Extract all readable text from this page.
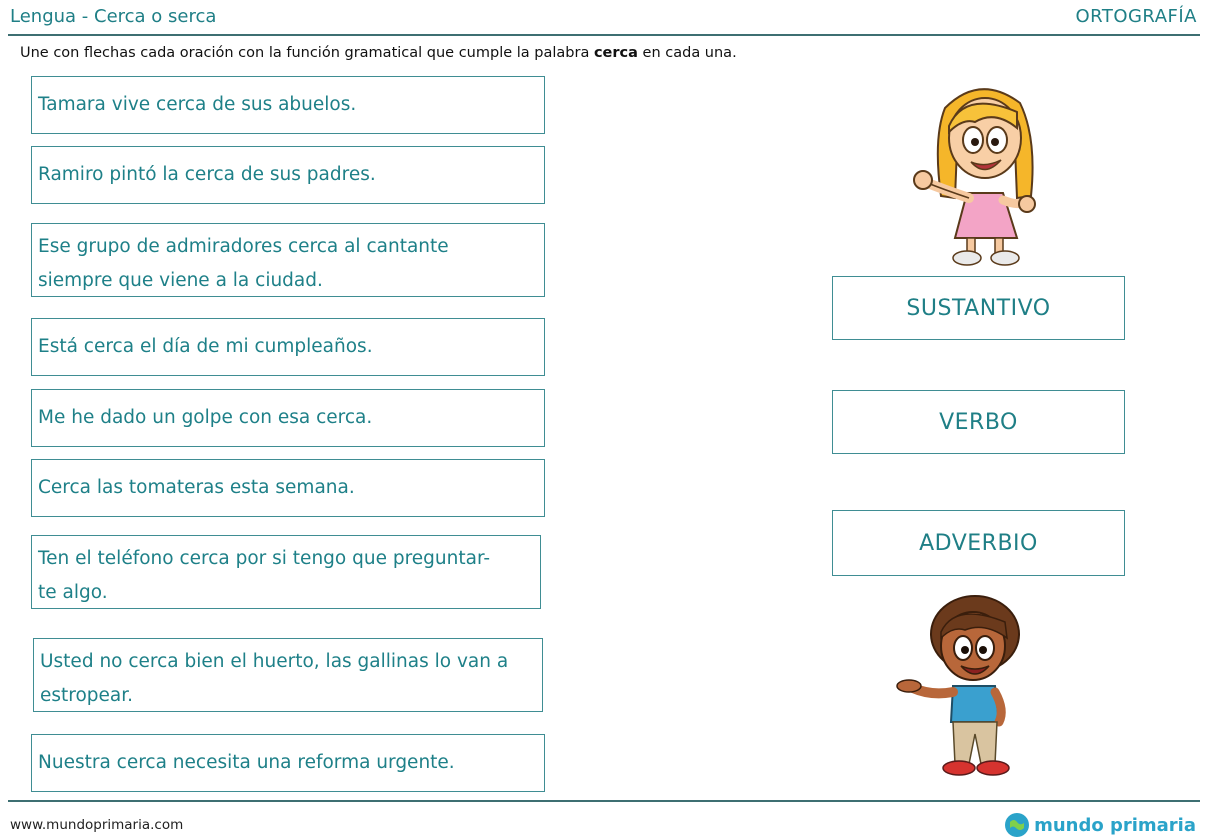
Lengua - Cerca o serca	ORTOGRAFÍA
Une con flechas cada oración con la función gramatical que cumple la palabra cerca en cada una.
Tamara vive cerca de sus abuelos.
Ramiro pintó la cerca de sus padres.
Ese grupo de admiradores cerca al cantante
siempre que viene a la ciudad.
Está cerca el día de mi cumpleaños.
Me he dado un golpe con esa cerca.
Cerca las tomateras esta semana.
Ten el teléfono cerca por si tengo que preguntar-
te algo.
Usted no cerca bien el huerto, las gallinas lo van a
estropear.
Nuestra cerca necesita una reforma urgente.
SUSTANTIVO
VERBO
ADVERBIO
www.mundoprimaria.com	mundo primaria
